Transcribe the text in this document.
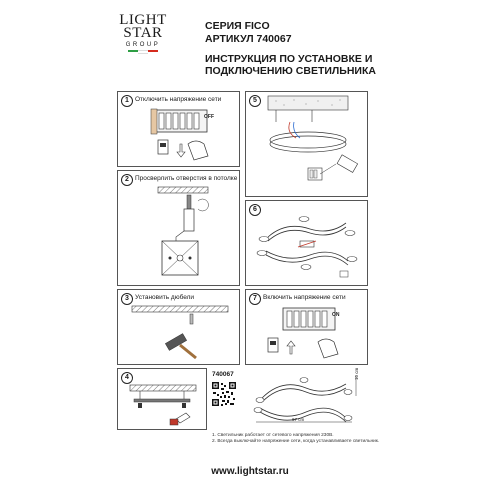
LIGHT
STAR
GROUP
СЕРИЯ FICO
АРТИКУЛ 740067
ИНСТРУКЦИЯ ПО УСТАНОВКЕ И ПОДКЛЮЧЕНИЮ СВЕТИЛЬНИКА
1 Отключить напряжение сети
OFF
2 Просверлить отверстия в потолке
3 Установить дюбели
4	740067
5
6
7 Включить напряжение сети
ON
67 cm
10 cm
1. Светильник работает от сетевого напряжения 230В.
2. Всегда выключайте напряжение сети, когда устанавливаете светильник.
www.lightstar.ru
